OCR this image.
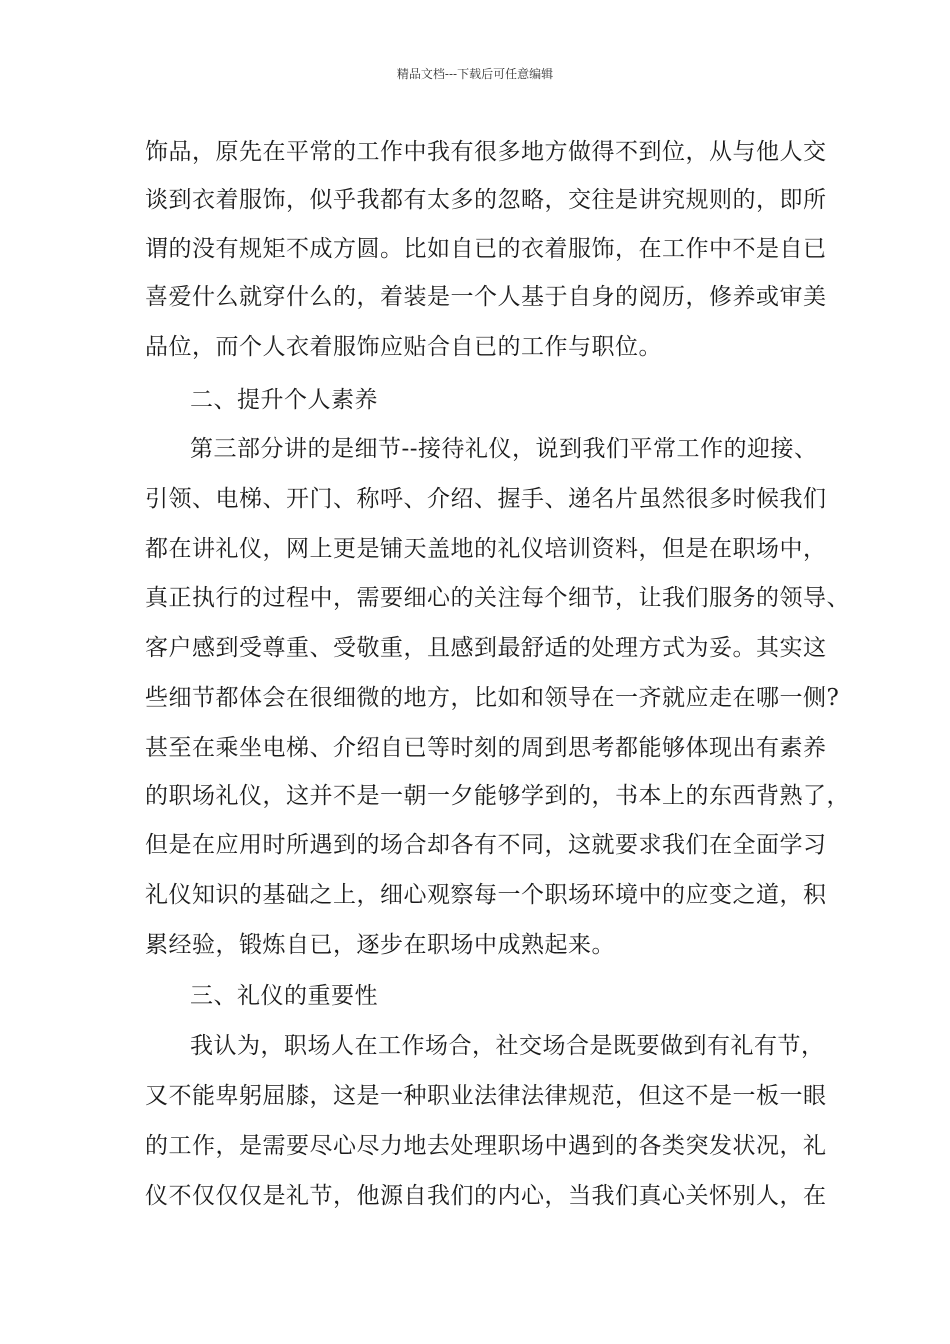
精品文档---下载后可任意编辑
饰品，原先在平常的工作中我有很多地方做得不到位，从与他人交
谈到衣着服饰，似乎我都有太多的忽略，交往是讲究规则的，即所
谓的没有规矩不成方圆。比如自已的衣着服饰，在工作中不是自已
喜爱什么就穿什么的，着装是一个人基于自身的阅历，修养或审美
品位，而个人衣着服饰应贴合自已的工作与职位。
二、提升个人素养
第三部分讲的是细节--接待礼仪，说到我们平常工作的迎接、
引领、电梯、开门、称呼、介绍、握手、递名片虽然很多时候我们
都在讲礼仪，网上更是铺天盖地的礼仪培训资料，但是在职场中，
真正执行的过程中，需要细心的关注每个细节，让我们服务的领导、
客户感到受尊重、受敬重，且感到最舒适的处理方式为妥。其实这
些细节都体会在很细微的地方，比如和领导在一齐就应走在哪一侧?
甚至在乘坐电梯、介绍自已等时刻的周到思考都能够体现出有素养
的职场礼仪，这并不是一朝一夕能够学到的，书本上的东西背熟了，
但是在应用时所遇到的场合却各有不同，这就要求我们在全面学习
礼仪知识的基础之上，细心观察每一个职场环境中的应变之道，积
累经验，锻炼自已，逐步在职场中成熟起来。
三、礼仪的重要性
我认为，职场人在工作场合，社交场合是既要做到有礼有节，
又不能卑躬屈膝，这是一种职业法律法律规范，但这不是一板一眼
的工作，是需要尽心尽力地去处理职场中遇到的各类突发状况，礼
仪不仅仅仅是礼节，他源自我们的内心，当我们真心关怀别人，在
